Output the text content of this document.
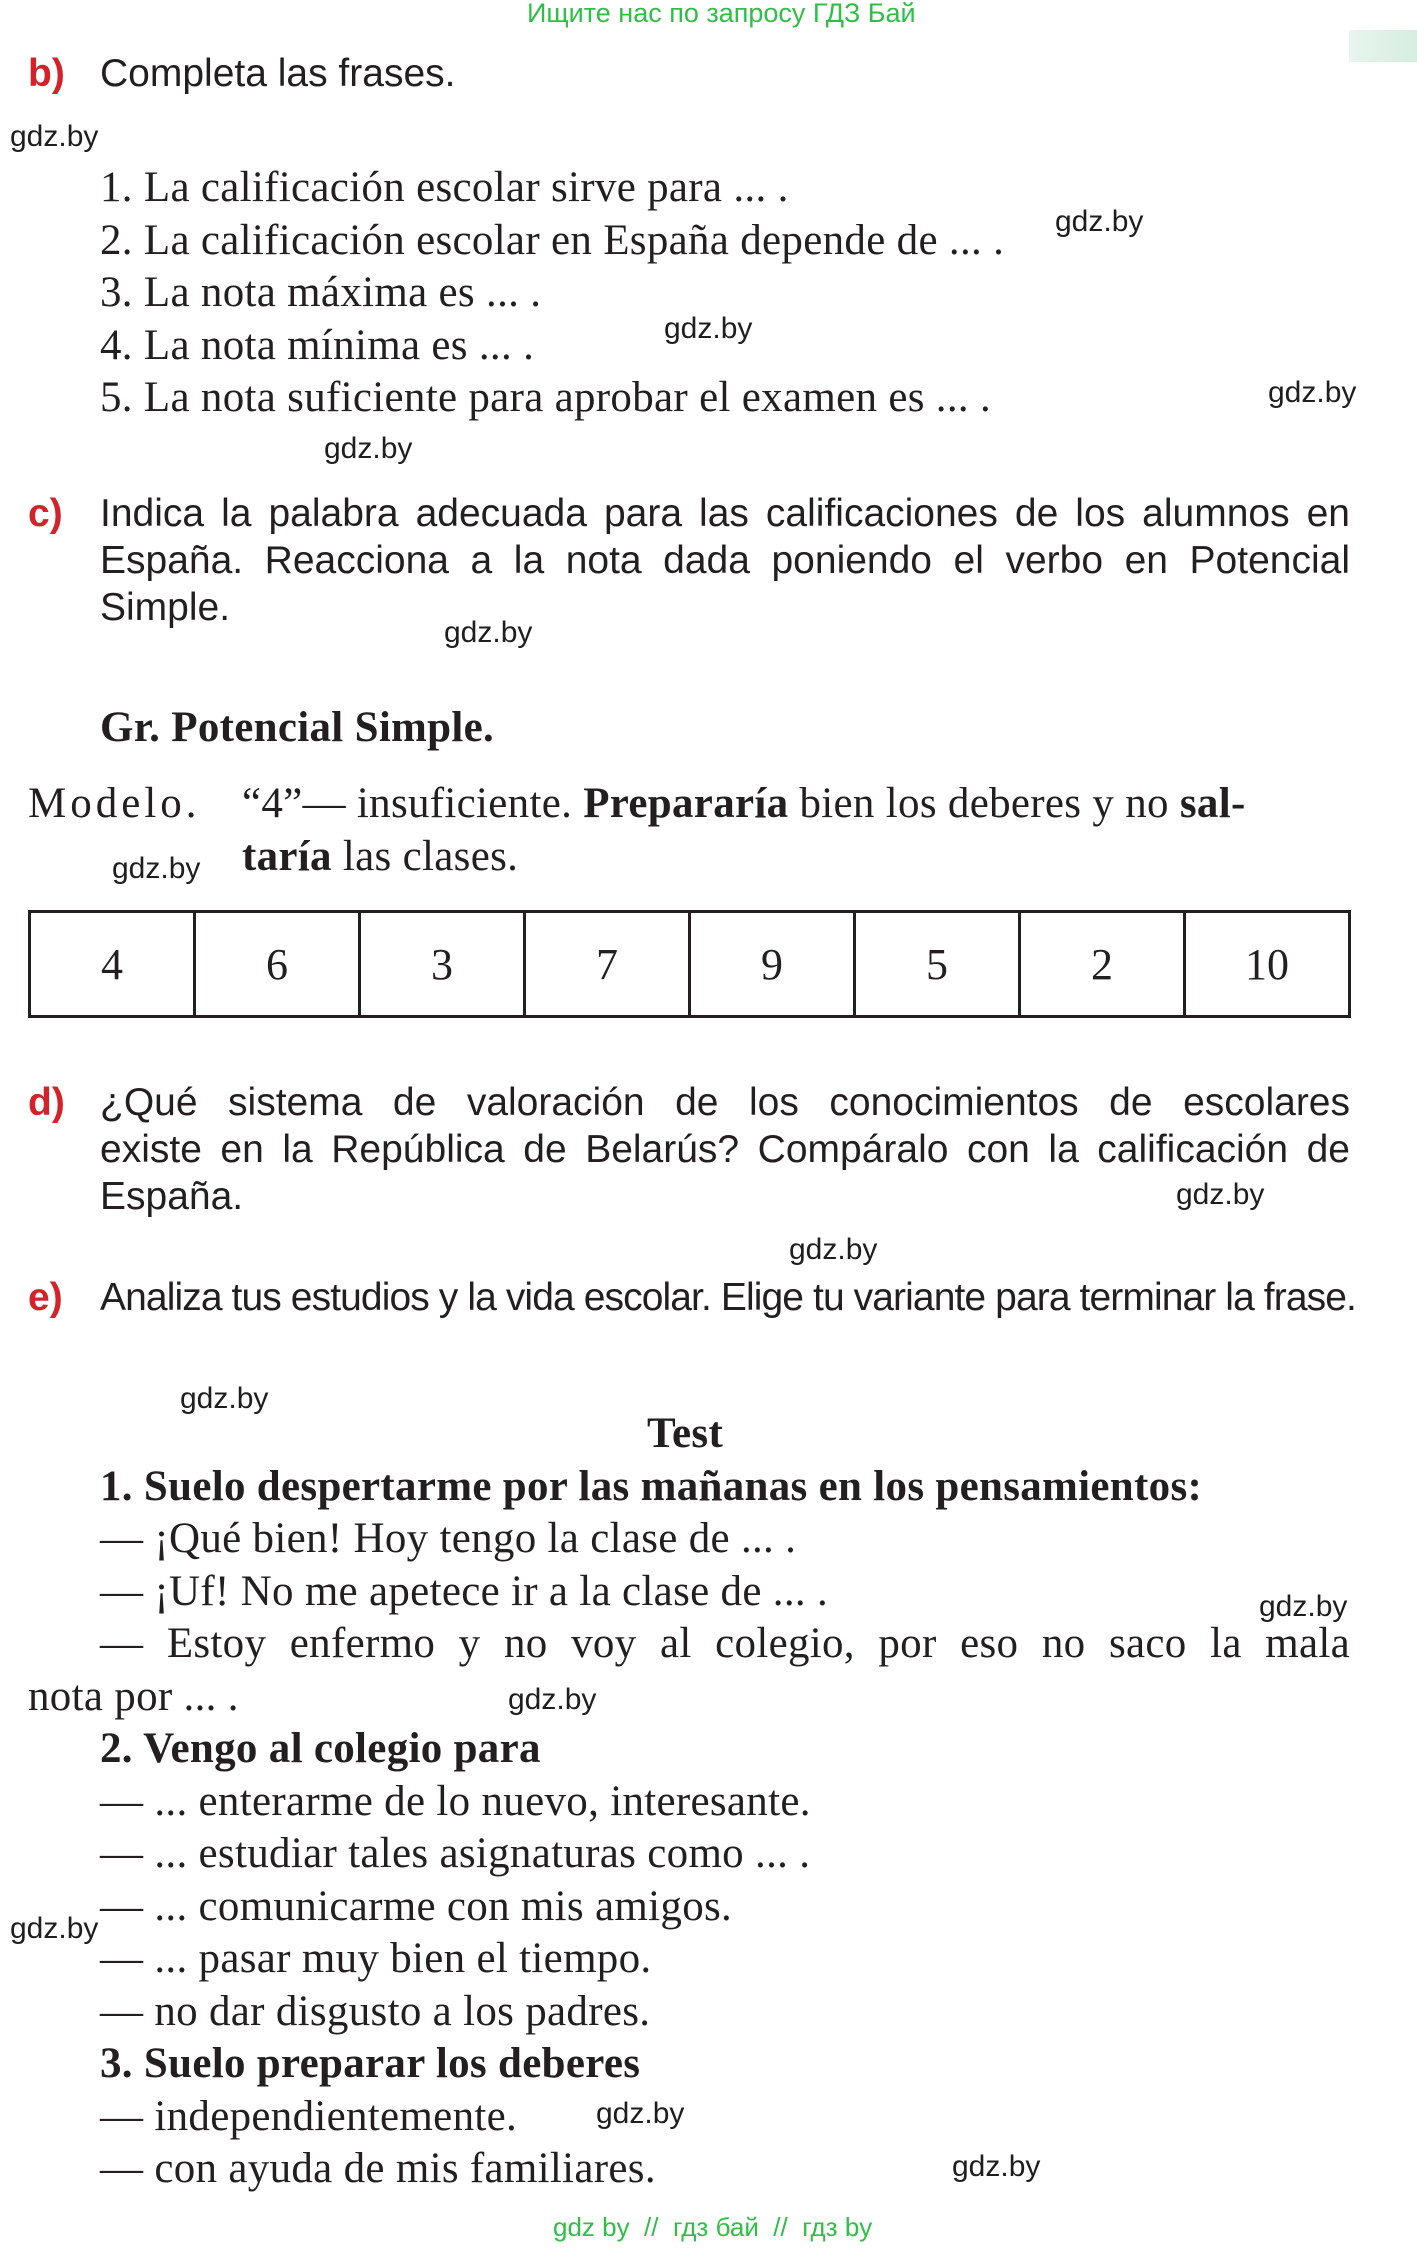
Ищите нас по запросу ГДЗ Бай
b) Completa las frases.
gdz.by
1. La calificación escolar sirve para ... .
2. La calificación escolar en España depende de ... . gdz.by
3. La nota máxima es ... .
4. La nota mínima es ... .	gdz.by
5. La nota suficiente para aprobar el examen es ... .	gdz.by
gdz.by
c) Indica la palabra adecuada para las calificaciones de los alumnos en
España. Reacciona a la nota dada poniendo el verbo en Potencial
Simple.
gdz.by
Gr. Potencial Simple.
Modelo. “4”— insuficiente. Prepararía bien los deberes y no sal-
gdz.by taría las clases.
4	6	3	7	9	5	2	10
d) ¿Qué sistema de valoración de los conocimientos de escolares
existe en la República de Belarús? Compáralo con la calificación de
España.	gdz.by
gdz.by
e) Analiza tus estudios y la vida escolar. Elige tu variante para terminar la frase.
gdz.by
Test
1. Suelo despertarme por las mañanas en los pensamientos:
— ¡Qué bien! Hoy tengo la clase de ... .
— ¡Uf! No me apetece ir a la clase de ... .	gdz.by
— Estoy enfermo y no voy al colegio, por eso no saco la mala
nota por ... .	gdz.by
2. Vengo al colegio para
— ... enterarme de lo nuevo, interesante.
— ... estudiar tales asignaturas como ... .
— ... comunicarme con mis amigos.
gdz.by
— ... pasar muy bien el tiempo.
— no dar disgusto a los padres.
3. Suelo preparar los deberes
— independientemente.	gdz.by
— con ayuda de mis familiares.	gdz.by
gdz by  //  гдз бай  //  гдз by
